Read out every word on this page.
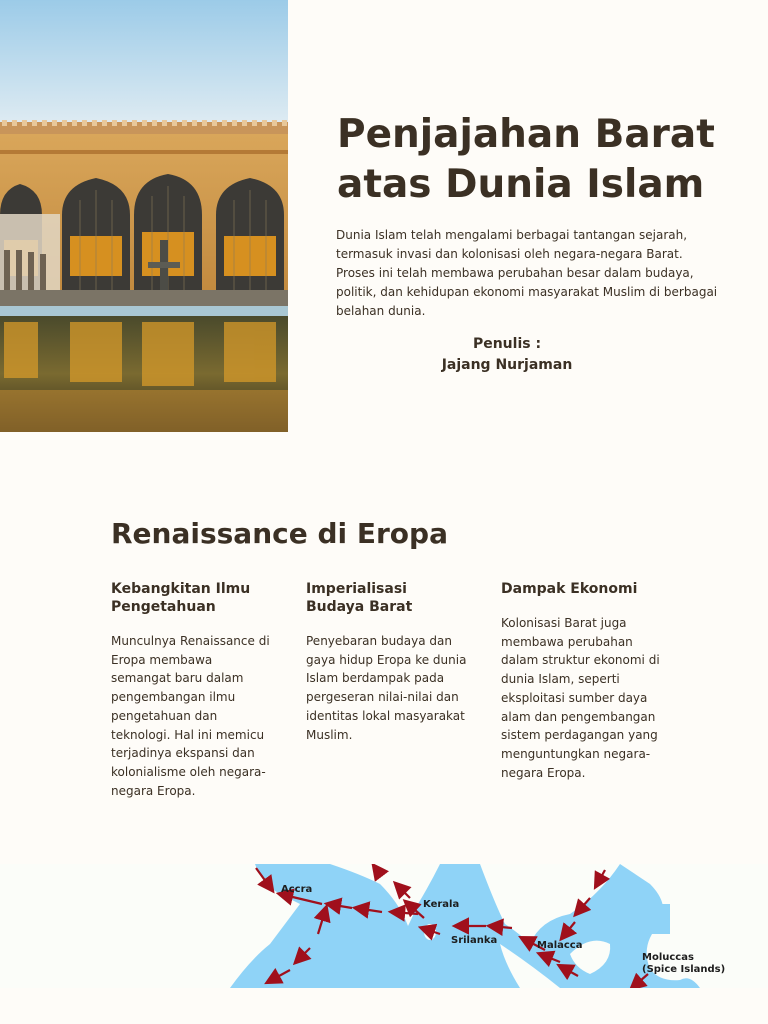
Penjajahan Barat atas Dunia Islam

Dunia Islam telah mengalami berbagai tantangan sejarah, termasuk invasi dan kolonisasi oleh negara-negara Barat. Proses ini telah membawa perubahan besar dalam budaya, politik, dan kehidupan ekonomi masyarakat Muslim di berbagai belahan dunia.

Penulis :
Jajang Nurjaman
Renaissance di Eropa
Kebangkitan Ilmu Pengetahuan

Munculnya Renaissance di Eropa membawa semangat baru dalam pengembangan ilmu pengetahuan dan teknologi. Hal ini memicu terjadinya ekspansi dan kolonialisme oleh negara-negara Eropa.

Imperialisasi Budaya Barat

Penyebaran budaya dan gaya hidup Eropa ke dunia Islam berdampak pada pergeseran nilai-nilai dan identitas lokal masyarakat Muslim.

Dampak Ekonomi

Kolonisasi Barat juga membawa perubahan dalam struktur ekonomi di dunia Islam, seperti eksploitasi sumber daya alam dan pengembangan sistem perdagangan yang menguntungkan negara-negara Eropa.

Accra
Kerala
Srilanka	Malacca
Moluccas
(Spice Islands)
